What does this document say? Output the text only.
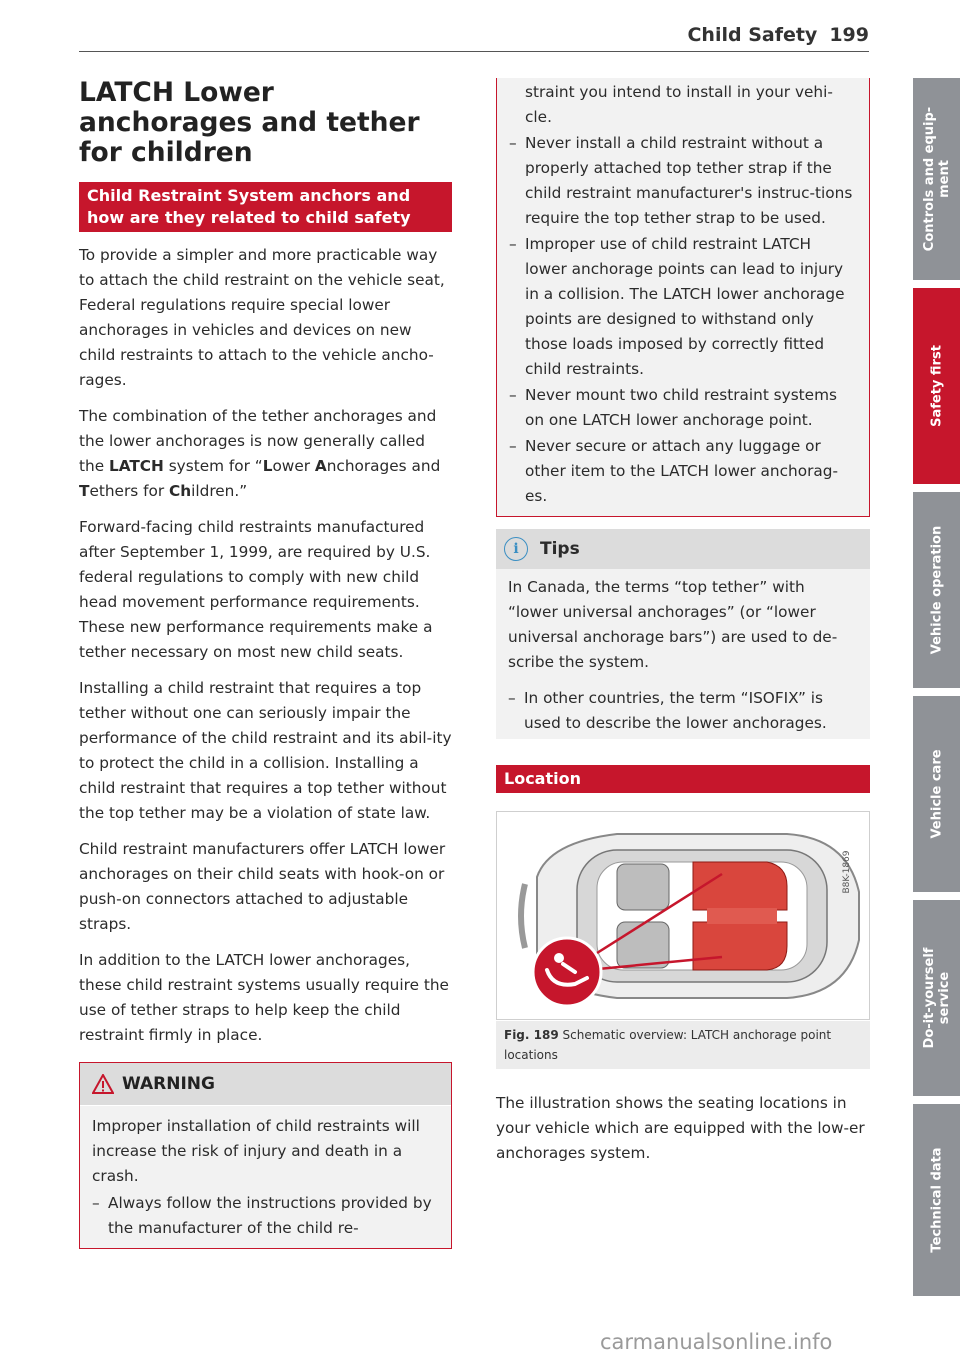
Child Safety 199
LATCH Lower anchorages and tether for children
Child Restraint System anchors and how are they related to child safety

To provide a simpler and more practicable way to attach the child restraint on the vehicle seat, Federal regulations require special lower anchorages in vehicles and devices on new child restraints to attach to the vehicle ancho-rages.

The combination of the tether anchorages and the lower anchorages is now generally called the LATCH system for “Lower Anchorages and Tethers for Children.”

Forward-facing child restraints manufactured after September 1, 1999, are required by U.S. federal regulations to comply with new child head movement performance requirements. These new performance requirements make a tether necessary on most new child seats.

Installing a child restraint that requires a top tether without one can seriously impair the performance of the child restraint and its abil-ity to protect the child in a collision. Installing a child restraint that requires a top tether without the top tether may be a violation of state law.

Child restraint manufacturers offer LATCH lower anchorages on their child seats with hook-on or push-on connectors attached to adjustable straps.

In addition to the LATCH lower anchorages, these child restraint systems usually require the use of tether straps to help keep the child restraint firmly in place.

WARNING

Improper installation of child restraints will increase the risk of injury and death in a crash.

– Always follow the instructions provided by the manufacturer of the child re-

straint you intend to install in your vehi-cle.

– Never install a child restraint without a properly attached top tether strap if the child restraint manufacturer's instruc-tions require the top tether strap to be used.
– Improper use of child restraint LATCH lower anchorage points can lead to injury in a collision. The LATCH lower anchorage points are designed to withstand only those loads imposed by correctly fitted child restraints.
– Never mount two child restraint systems on one LATCH lower anchorage point.
– Never secure or attach any luggage or other item to the LATCH lower anchorag-es.
i	Tips

In Canada, the terms “top tether” with “lower universal anchorages” (or “lower universal anchorage bars”) are used to de-scribe the system.

– In other countries, the term “ISOFIX” is used to describe the lower anchorages.
Location
B8K-1869
Fig. 189 Schematic overview: LATCH anchorage point locations

The illustration shows the seating locations in your vehicle which are equipped with the low-er anchorages system.

Controls and equip-
ment
Safety first
Vehicle operation
Vehicle care
Do-it-yourself
service
Technical data
carmanualsonline.info
